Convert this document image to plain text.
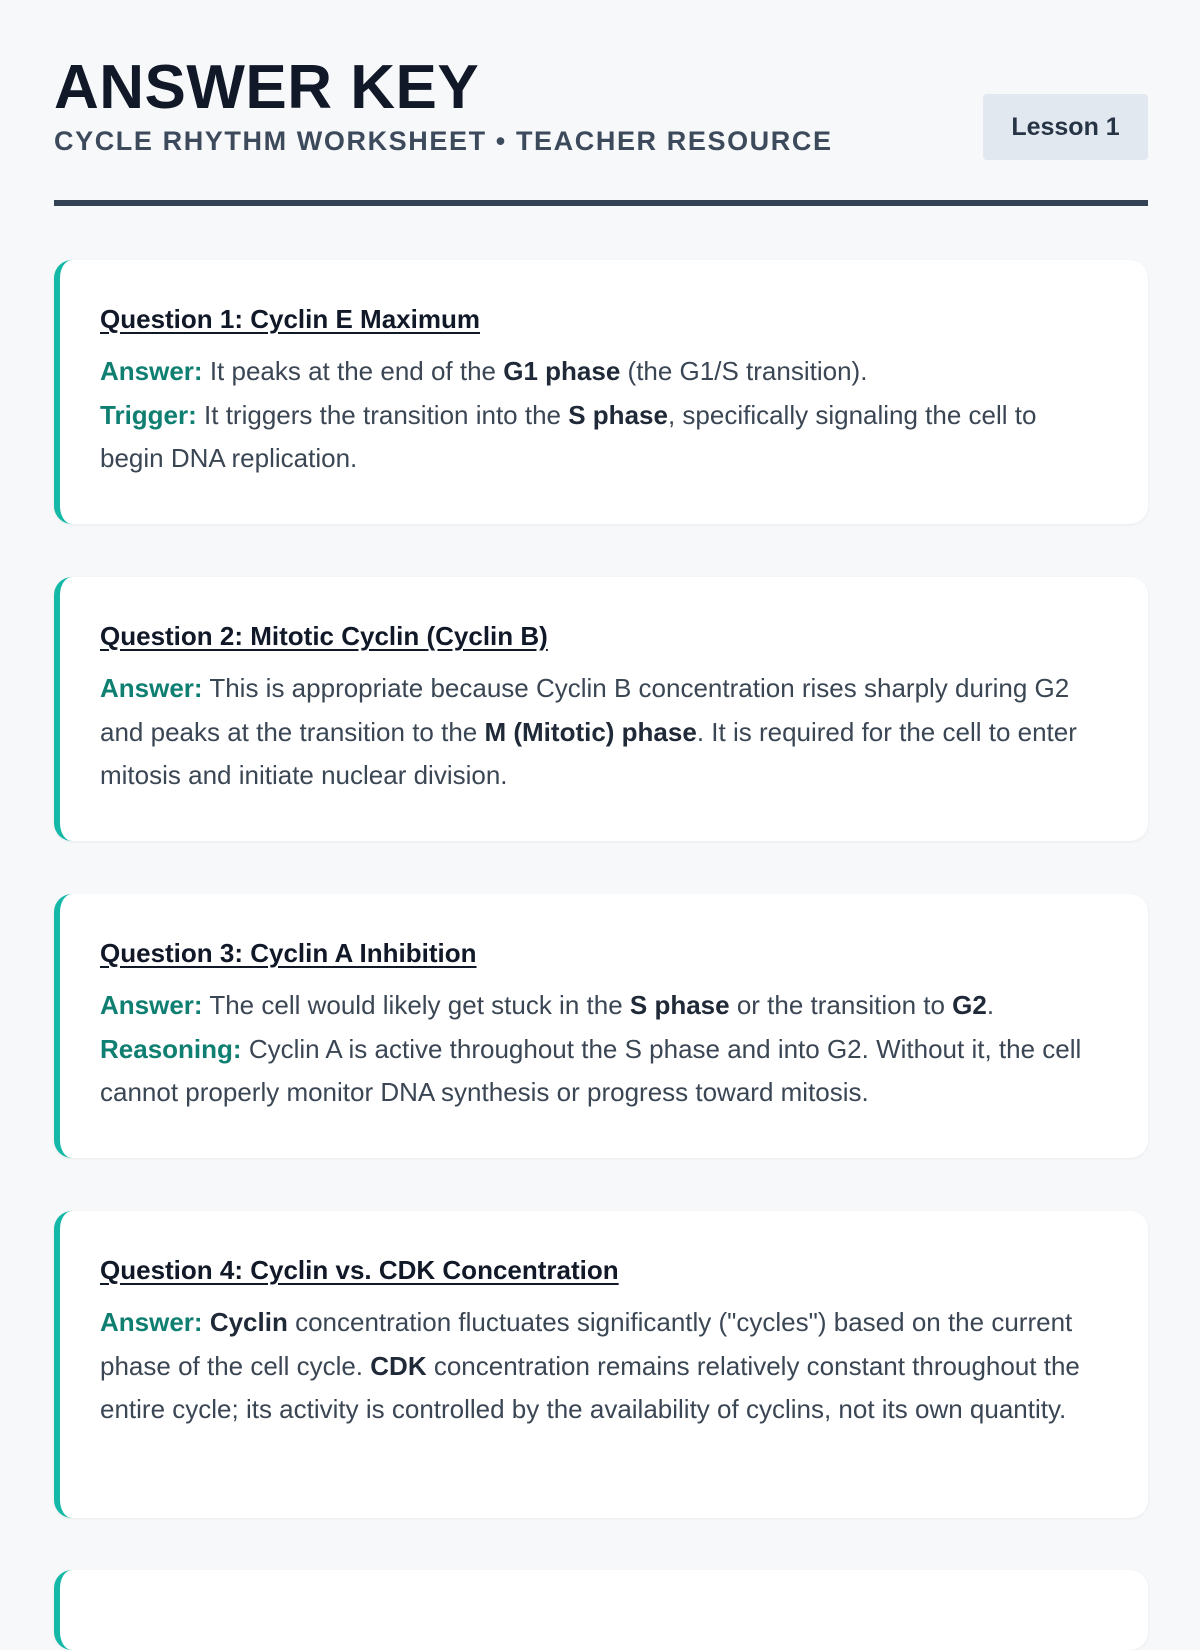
ANSWER KEY
CYCLE RHYTHM WORKSHEET • TEACHER RESOURCE	Lesson 1
Question 1: Cyclin E Maximum

Answer: It peaks at the end of the G1 phase (the G1/S transition).
Trigger: It triggers the transition into the S phase, specifically signaling the cell to begin DNA replication.

Question 2: Mitotic Cyclin (Cyclin B)

Answer: This is appropriate because Cyclin B concentration rises sharply during G2 and peaks at the transition to the M (Mitotic) phase. It is required for the cell to enter mitosis and initiate nuclear division.

Question 3: Cyclin A Inhibition

Answer: The cell would likely get stuck in the S phase or the transition to G2.
Reasoning: Cyclin A is active throughout the S phase and into G2. Without it, the cell cannot properly monitor DNA synthesis or progress toward mitosis.

Question 4: Cyclin vs. CDK Concentration

Answer: Cyclin concentration fluctuates significantly ("cycles") based on the current phase of the cell cycle. CDK concentration remains relatively constant throughout the entire cycle; its activity is controlled by the availability of cyclins, not its own quantity.
